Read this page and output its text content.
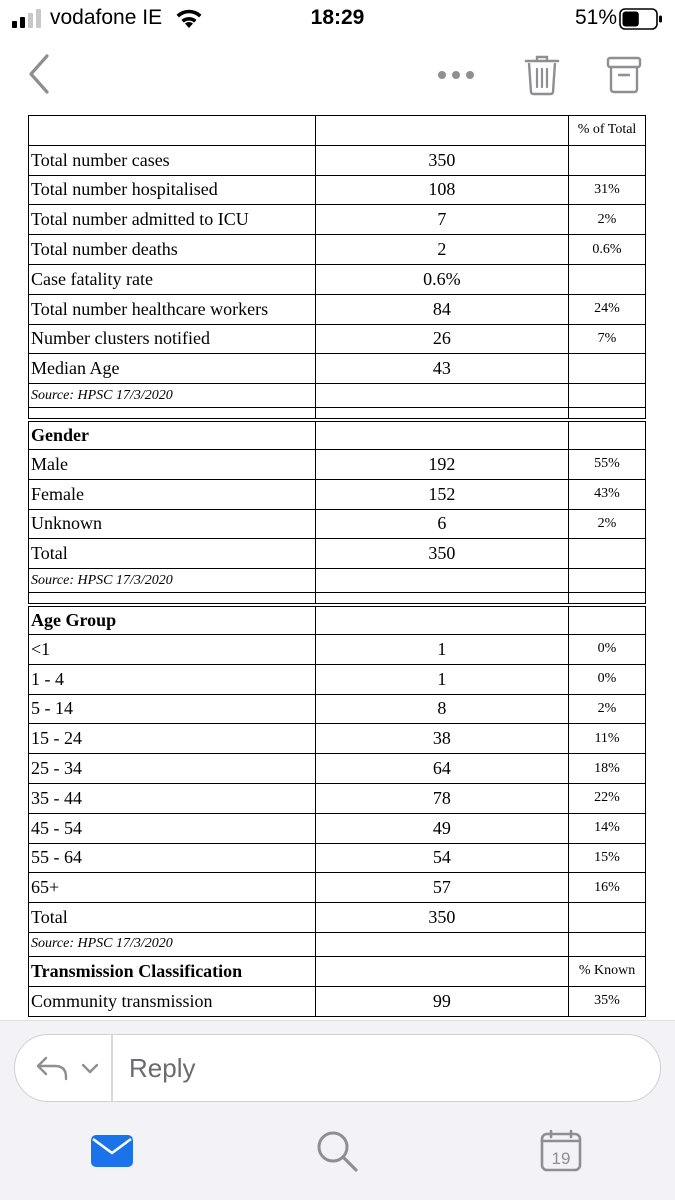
vodafone IE	18:29	51%
		% of Total
Total number cases	350	
Total number hospitalised	108	31%
Total number admitted to ICU	7	2%
Total number deaths	2	0.6%
Case fatality rate	0.6%	
Total number healthcare workers	84	24%
Number clusters notified	26	7%
Median Age	43	
Source: HPSC 17/3/2020		

Gender		
Male	192	55%
Female	152	43%
Unknown	6	2%
Total	350	
Source: HPSC 17/3/2020		

Age Group		
<1	1	0%
1 - 4	1	0%
5 - 14	8	2%
15 - 24	38	11%
25 - 34	64	18%
35 - 44	78	22%
45 - 54	49	14%
55 - 64	54	15%
65+	57	16%
Total	350	
Source: HPSC 17/3/2020		
Transmission Classification		% Known
Community transmission	99	35%
Reply
19
